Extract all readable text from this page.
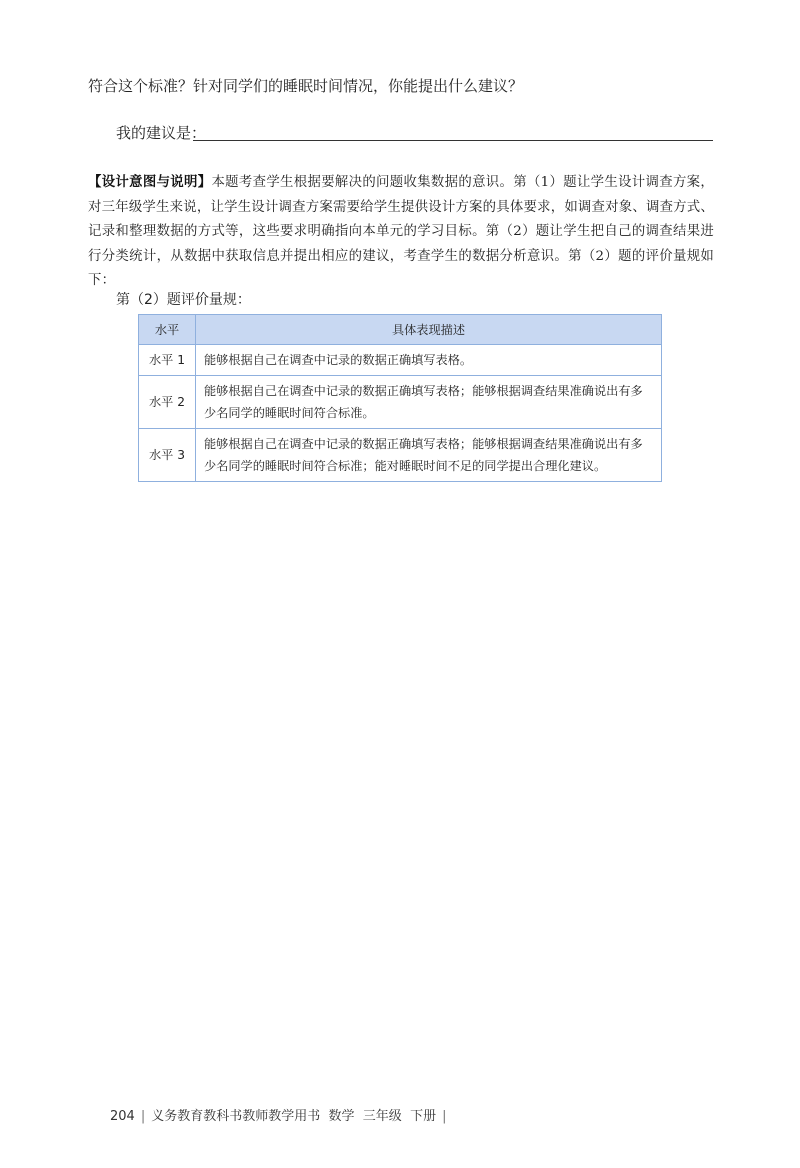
符合这个标准？针对同学们的睡眠时间情况，你能提出什么建议？
我的建议是：
【设计意图与说明】本题考查学生根据要解决的问题收集数据的意识。第（1）题让学生设计调查方案，对三年级学生来说，让学生设计调查方案需要给学生提供设计方案的具体要求，如调查对象、调查方式、记录和整理数据的方式等，这些要求明确指向本单元的学习目标。第（2）题让学生把自己的调查结果进行分类统计，从数据中获取信息并提出相应的建议，考查学生的数据分析意识。第（2）题的评价量规如下：
第（2）题评价量规：
水平	具体表现描述
水平 1	能够根据自己在调查中记录的数据正确填写表格。
水平 2	能够根据自己在调查中记录的数据正确填写表格；能够根据调查结果准确说出有多少名同学的睡眠时间符合标准。
水平 3	能够根据自己在调查中记录的数据正确填写表格；能够根据调查结果准确说出有多少名同学的睡眠时间符合标准；能对睡眠时间不足的同学提出合理化建议。
204 | 义务教育教科书教师教学用书 数学 三年级 下册 |
